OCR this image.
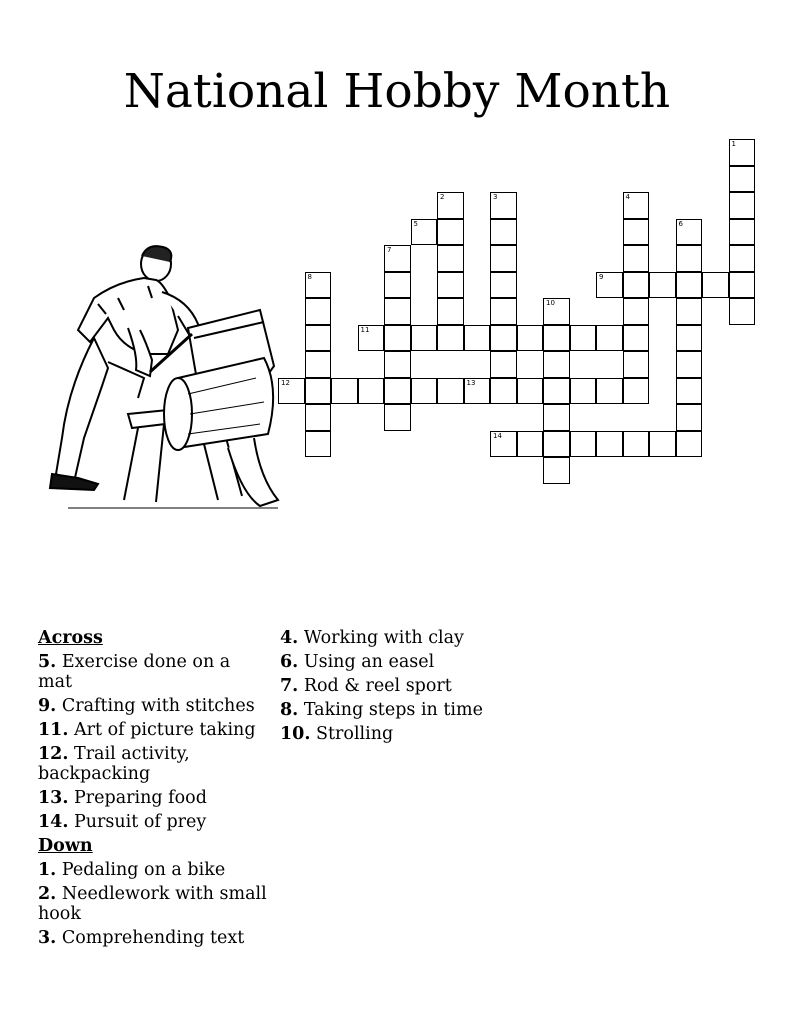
National Hobby Month
1
2	3	4
5	6
7
8	9
10
11
12	13
14
Across
5. Exercise done on a mat
9. Crafting with stitches
11. Art of picture taking
12. Trail activity, backpacking
13. Preparing food
14. Pursuit of prey
Down
1. Pedaling on a bike
2. Needlework with small hook
3. Comprehending text
4. Working with clay
6. Using an easel
7. Rod & reel sport
8. Taking steps in time
10. Strolling
